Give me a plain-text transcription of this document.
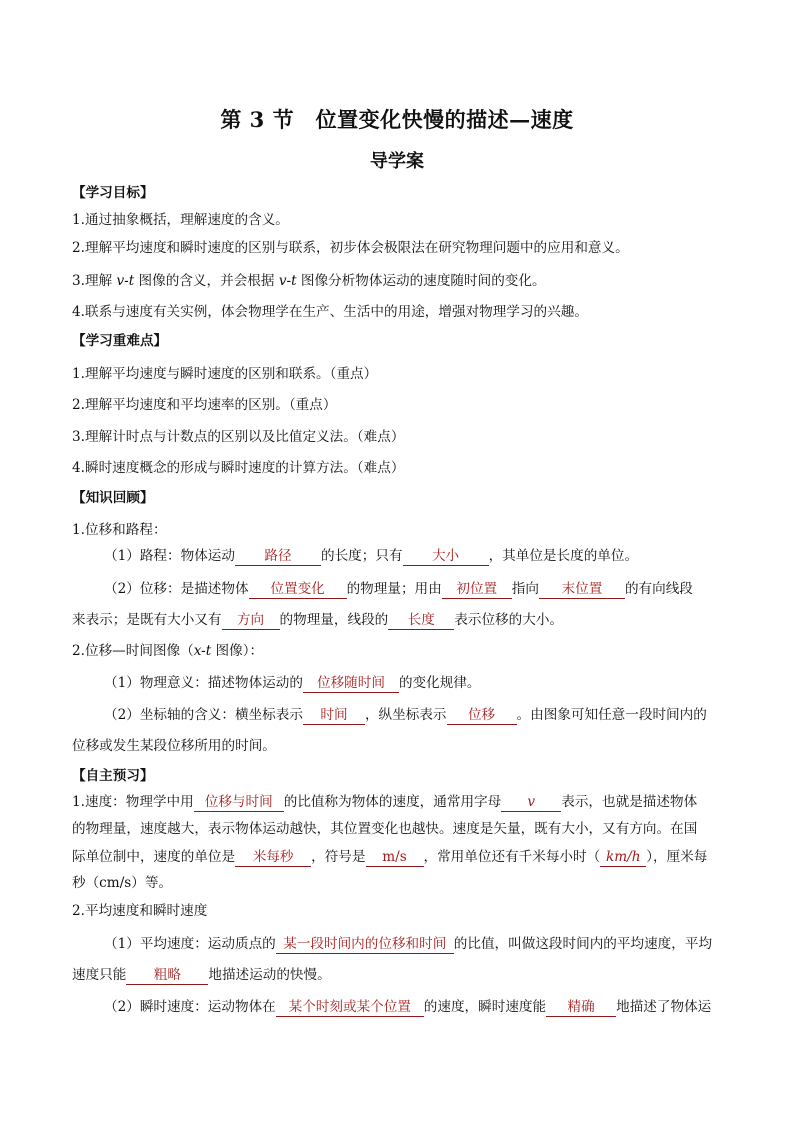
第 3 节　位置变化快慢的描述—速度
导学案
【学习目标】
1.通过抽象概括，理解速度的含义。
2.理解平均速度和瞬时速度的区别与联系，初步体会极限法在研究物理问题中的应用和意义。
3.理解 v-t 图像的含义，并会根据 v-t 图像分析物体运动的速度随时间的变化。
4.联系与速度有关实例，体会物理学在生产、生活中的用途，增强对物理学习的兴趣。
【学习重难点】
1.理解平均速度与瞬时速度的区别和联系。（重点）
2.理解平均速度和平均速率的区别。（重点）
3.理解计时点与计数点的区别以及比值定义法。（难点）
4.瞬时速度概念的形成与瞬时速度的计算方法。（难点）
【知识回顾】
1.位移和路程：
（1）路程：物体运动 路径 的长度；只有 大小 ，其单位是长度的单位。
（2）位移：是描述物体 位置变化 的物理量；用由 初位置 指向 末位置 的有向线段
来表示；是既有大小又有 方向 的物理量，线段的 长度 表示位移的大小。
2.位移—时间图像（x-t 图像）：
（1）物理意义：描述物体运动的 位移随时间 的变化规律。
（2）坐标轴的含义：横坐标表示 时间 ，纵坐标表示 位移 。由图象可知任意一段时间内的
位移或发生某段位移所用的时间。
【自主预习】
1.速度：物理学中用 位移与时间 的比值称为物体的速度，通常用字母 v 表示，也就是描述物体
的物理量，速度越大，表示物体运动越快，其位置变化也越快。速度是矢量，既有大小，又有方向。在国
际单位制中，速度的单位是 米每秒 ，符号是 m/s ，常用单位还有千米每小时（ km/h ），厘米每
秒（cm/s）等。
2.平均速度和瞬时速度
（1）平均速度：运动质点的 某一段时间内的位移和时间 的比值，叫做这段时间内的平均速度，平均
速度只能 粗略 地描述运动的快慢。
（2）瞬时速度：运动物体在 某个时刻或某个位置 的速度，瞬时速度能 精确 地描述了物体运
